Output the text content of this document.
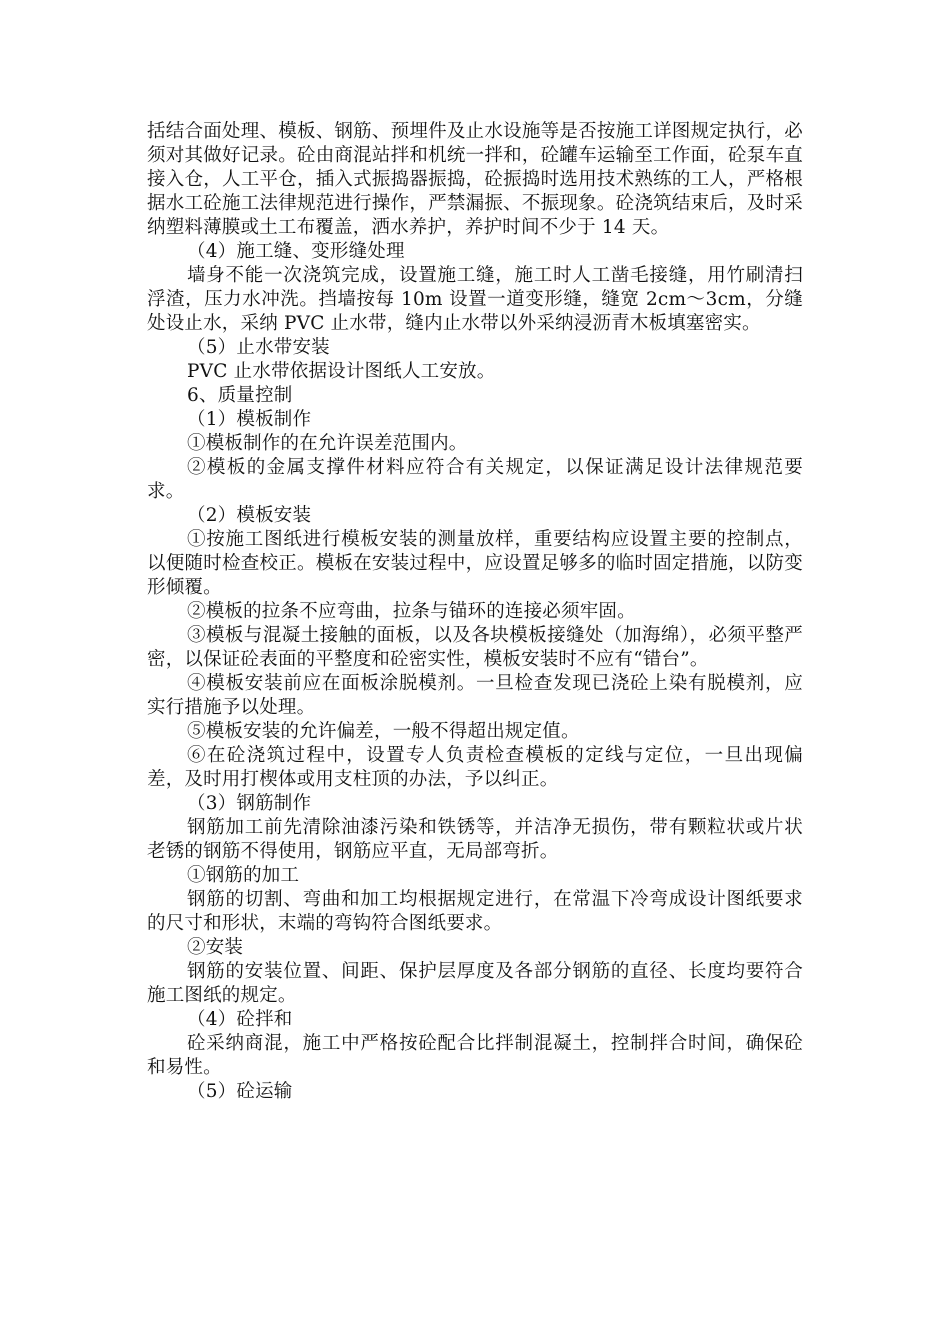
括结合面处理、模板、钢筋、预埋件及止水设施等是否按施工详图规定执行，必须对其做好记录。砼由商混站拌和机统一拌和，砼罐车运输至工作面，砼泵车直接入仓，人工平仓，插入式振捣器振捣，砼振捣时选用技术熟练的工人，严格根据水工砼施工法律规范进行操作，严禁漏振、不振现象。砼浇筑结束后，及时采纳塑料薄膜或土工布覆盖，洒水养护，养护时间不少于 14 天。

（4）施工缝、变形缝处理

墙身不能一次浇筑完成，设置施工缝，施工时人工凿毛接缝，用竹刷清扫浮渣，压力水冲洗。挡墙按每 10m 设置一道变形缝，缝宽 2cm～3cm，分缝处设止水，采纳 PVC 止水带，缝内止水带以外采纳浸沥青木板填塞密实。

（5）止水带安装

PVC 止水带依据设计图纸人工安放。

6、质量控制

（1）模板制作

①模板制作的在允许误差范围内。

②模板的金属支撑件材料应符合有关规定，以保证满足设计法律规范要求。

（2）模板安装

①按施工图纸进行模板安装的测量放样，重要结构应设置主要的控制点，以便随时检查校正。模板在安装过程中，应设置足够多的临时固定措施，以防变形倾覆。

②模板的拉条不应弯曲，拉条与锚环的连接必须牢固。

③模板与混凝土接触的面板，以及各块模板接缝处（加海绵），必须平整严密，以保证砼表面的平整度和砼密实性，模板安装时不应有“错台”。

④模板安装前应在面板涂脱模剂。一旦检查发现已浇砼上染有脱模剂，应实行措施予以处理。

⑤模板安装的允许偏差，一般不得超出规定值。

⑥在砼浇筑过程中，设置专人负责检查模板的定线与定位，一旦出现偏差，及时用打楔体或用支柱顶的办法，予以纠正。

（3）钢筋制作

钢筋加工前先清除油漆污染和铁锈等，并洁净无损伤，带有颗粒状或片状老锈的钢筋不得使用，钢筋应平直，无局部弯折。

①钢筋的加工

钢筋的切割、弯曲和加工均根据规定进行，在常温下冷弯成设计图纸要求的尺寸和形状，末端的弯钩符合图纸要求。

②安装

钢筋的安装位置、间距、保护层厚度及各部分钢筋的直径、长度均要符合施工图纸的规定。

（4）砼拌和

砼采纳商混，施工中严格按砼配合比拌制混凝土，控制拌合时间，确保砼和易性。

（5）砼运输
